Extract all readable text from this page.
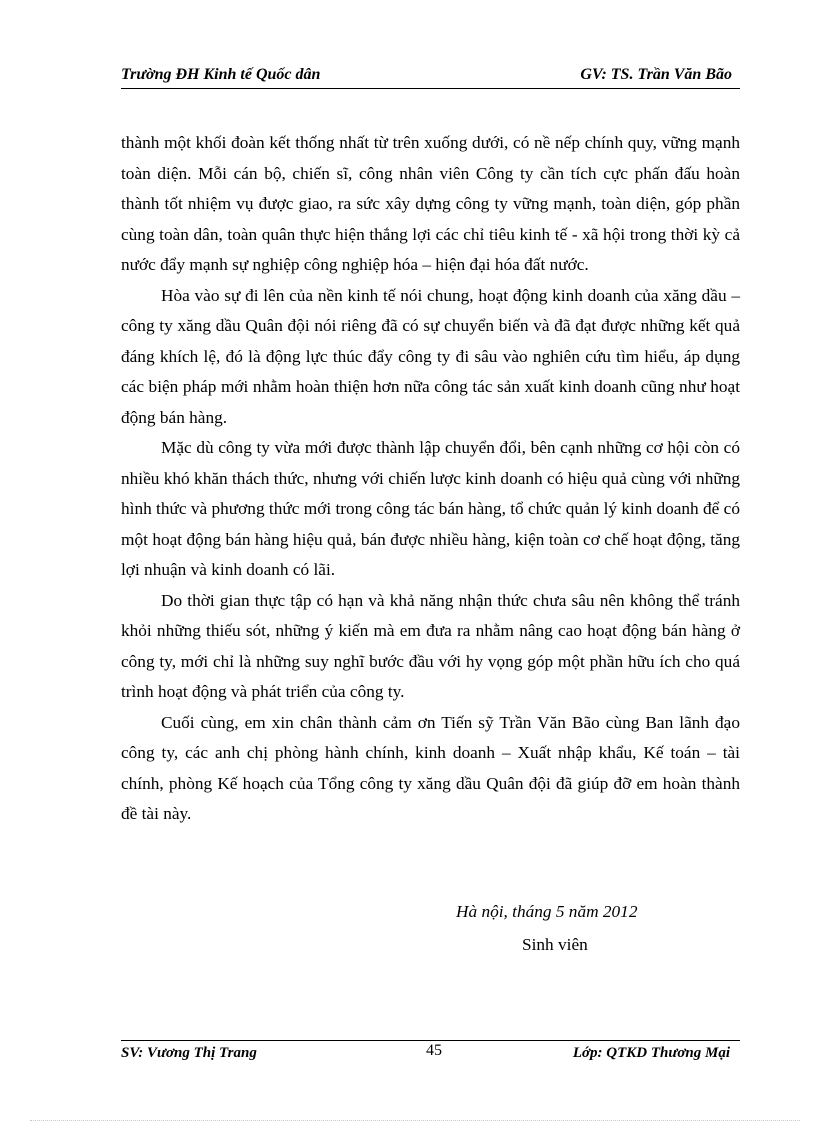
Trường ĐH Kinh tế Quốc dân	GV: TS. Trần Văn Bão

thành một khối đoàn kết thống nhất từ trên xuống dưới, có nề nếp chính quy, vững mạnh toàn diện. Mỗi cán bộ, chiến sĩ, công nhân viên Công ty cần tích cực phấn đấu hoàn thành tốt nhiệm vụ được giao, ra sức xây dựng công ty vững mạnh, toàn diện, góp phần cùng toàn dân, toàn quân thực hiện thắng lợi các chỉ tiêu kinh tế - xã hội trong thời kỳ cả nước đẩy mạnh sự nghiệp công nghiệp hóa – hiện đại hóa đất nước.

Hòa vào sự đi lên của nền kinh tế nói chung, hoạt động kinh doanh của xăng dầu – công ty xăng dầu Quân đội nói riêng đã có sự chuyển biến và đã đạt được những kết quả đáng khích lệ, đó là động lực thúc đẩy công ty đi sâu vào nghiên cứu tìm hiểu, áp dụng các biện pháp mới nhằm hoàn thiện hơn nữa công tác sản xuất kinh doanh cũng như hoạt động bán hàng.

Mặc dù công ty vừa mới được thành lập chuyển đổi, bên cạnh những cơ hội còn có nhiều khó khăn thách thức, nhưng với chiến lược kinh doanh có hiệu quả cùng với những hình thức và phương thức mới trong công tác bán hàng, tổ chức quản lý kinh doanh để có một hoạt động bán hàng hiệu quả, bán được nhiều hàng, kiện toàn cơ chế hoạt động, tăng lợi nhuận và kinh doanh có lãi.

Do thời gian thực tập có hạn và khả năng nhận thức chưa sâu nên không thể tránh khỏi những thiếu sót, những ý kiến mà em đưa ra nhằm nâng cao hoạt động bán hàng ở công ty, mới chỉ là những suy nghĩ bước đầu với hy vọng góp một phần hữu ích cho quá trình hoạt động và phát triển của công ty.

Cuối cùng, em xin chân thành cảm ơn Tiến sỹ Trần Văn Bão cùng Ban lãnh đạo công ty, các anh chị phòng hành chính, kinh doanh – Xuất nhập khẩu, Kế toán – tài chính, phòng Kế hoạch của Tổng công ty xăng dầu Quân đội đã giúp đỡ em hoàn thành đề tài này.

Hà nội, tháng 5 năm 2012
Sinh viên
SV: Vương Thị Trang	45	Lớp: QTKD Thương Mại
